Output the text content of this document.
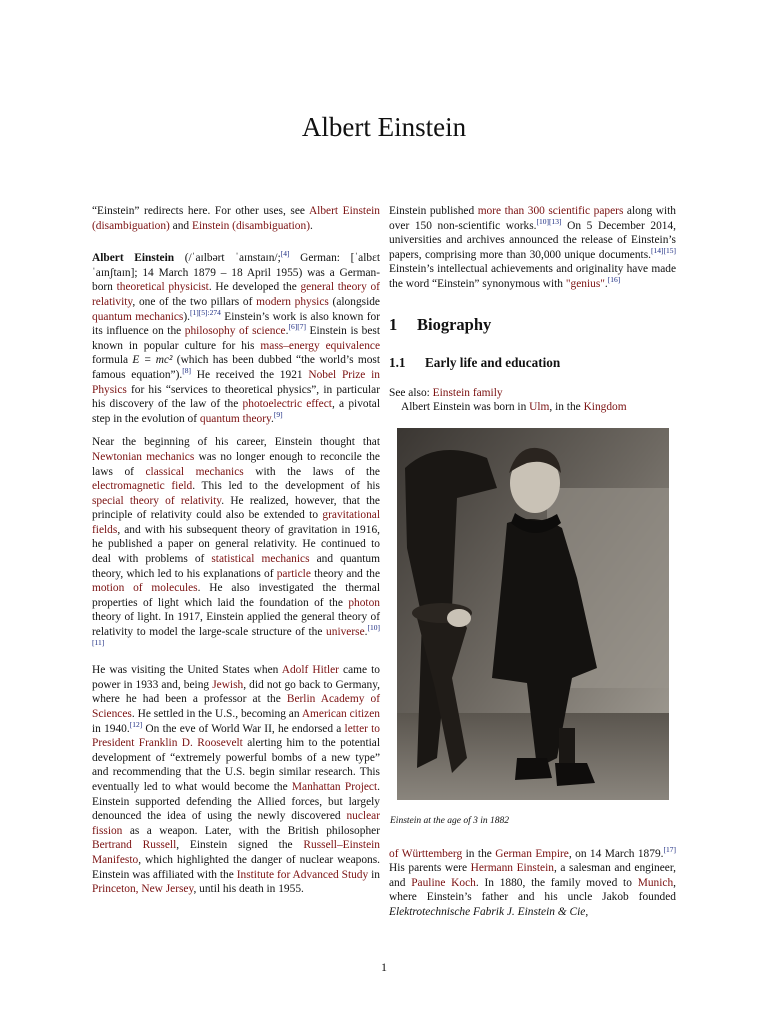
Albert Einstein

“Einstein” redirects here. For other uses, see Albert Einstein (disambiguation) and Einstein (disambiguation).

Albert Einstein (/ˈaɪlbərt ˈaɪnstaɪn/;[4] German: [ˈalbɛt ˈaɪnʃtaɪn]; 14 March 1879 – 18 April 1955) was a German-born theoretical physicist. He developed the general theory of relativity, one of the two pillars of modern physics (alongside quantum mechanics).$^{[1][5]:274}$ Einstein’s work is also known for its influence on the philosophy of science.[6][7] Einstein is best known in popular culture for his mass–energy equivalence formula E = mc² (which has been dubbed “the world’s most famous equation”).[8] He received the 1921 Nobel Prize in Physics for his “services to theoretical physics”, in particular his discovery of the law of the photoelectric effect, a pivotal step in the evolution of quantum theory.[9]

Near the beginning of his career, Einstein thought that Newtonian mechanics was no longer enough to reconcile the laws of classical mechanics with the laws of the electromagnetic field. This led to the development of his special theory of relativity. He realized, however, that the principle of relativity could also be extended to gravitational fields, and with his subsequent theory of gravitation in 1916, he published a paper on general relativity. He continued to deal with problems of statistical mechanics and quantum theory, which led to his explanations of particle theory and the motion of molecules. He also investigated the thermal properties of light which laid the foundation of the photon theory of light. In 1917, Einstein applied the general theory of relativity to model the large-scale structure of the universe.[10][11]

He was visiting the United States when Adolf Hitler came to power in 1933 and, being Jewish, did not go back to Germany, where he had been a professor at the Berlin Academy of Sciences. He settled in the U.S., becoming an American citizen in 1940.[12] On the eve of World War II, he endorsed a letter to President Franklin D. Roosevelt alerting him to the potential development of “extremely powerful bombs of a new type” and recommending that the U.S. begin similar research. This eventually led to what would become the Manhattan Project. Einstein supported defending the Allied forces, but largely denounced the idea of using the newly discovered nuclear fission as a weapon. Later, with the British philosopher Bertrand Russell, Einstein signed the Russell–Einstein Manifesto, which highlighted the danger of nuclear weapons. Einstein was affiliated with the Institute for Advanced Study in Princeton, New Jersey, until his death in 1955.

Einstein published more than 300 scientific papers along with over 150 non-scientific works.[10][13] On 5 December 2014, universities and archives announced the release of Einstein’s papers, comprising more than 30,000 unique documents.[14][15] Einstein’s intellectual achievements and originality have made the word “Einstein” synonymous with "genius".[16]

1 Biography
1.1 Early life and education

See also: Einstein family

Albert Einstein was born in Ulm, in the Kingdom

Einstein at the age of 3 in 1882

of Württemberg in the German Empire, on 14 March 1879.[17] His parents were Hermann Einstein, a salesman and engineer, and Pauline Koch. In 1880, the family moved to Munich, where Einstein’s father and his uncle Jakob founded Elektrotechnische Fabrik J. Einstein & Cie,

1
